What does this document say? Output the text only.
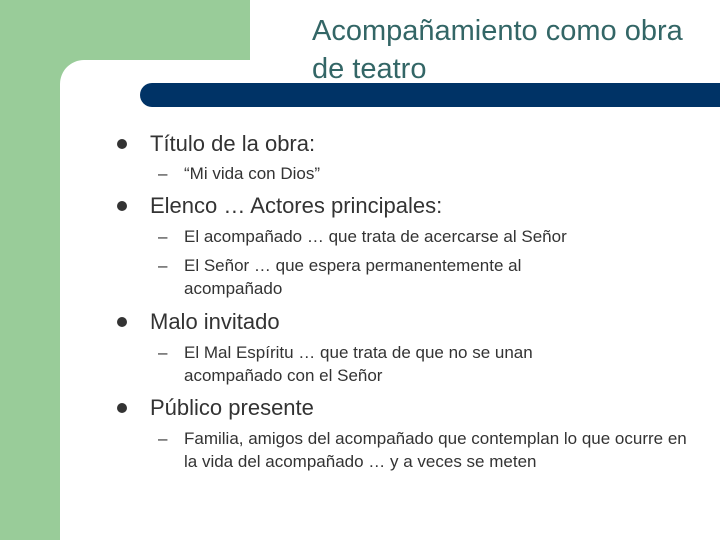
Acompañamiento como obra de teatro
Título de la obra:
– “Mi vida con Dios”
Elenco … Actores principales:
– El acompañado … que trata de acercarse al Señor
– El Señor … que espera permanentemente al acompañado
Malo invitado
– El Mal Espíritu … que trata de que no se unan acompañado con el Señor
Público presente
– Familia, amigos del acompañado que contemplan lo que ocurre en la vida del acompañado … y a veces se meten
